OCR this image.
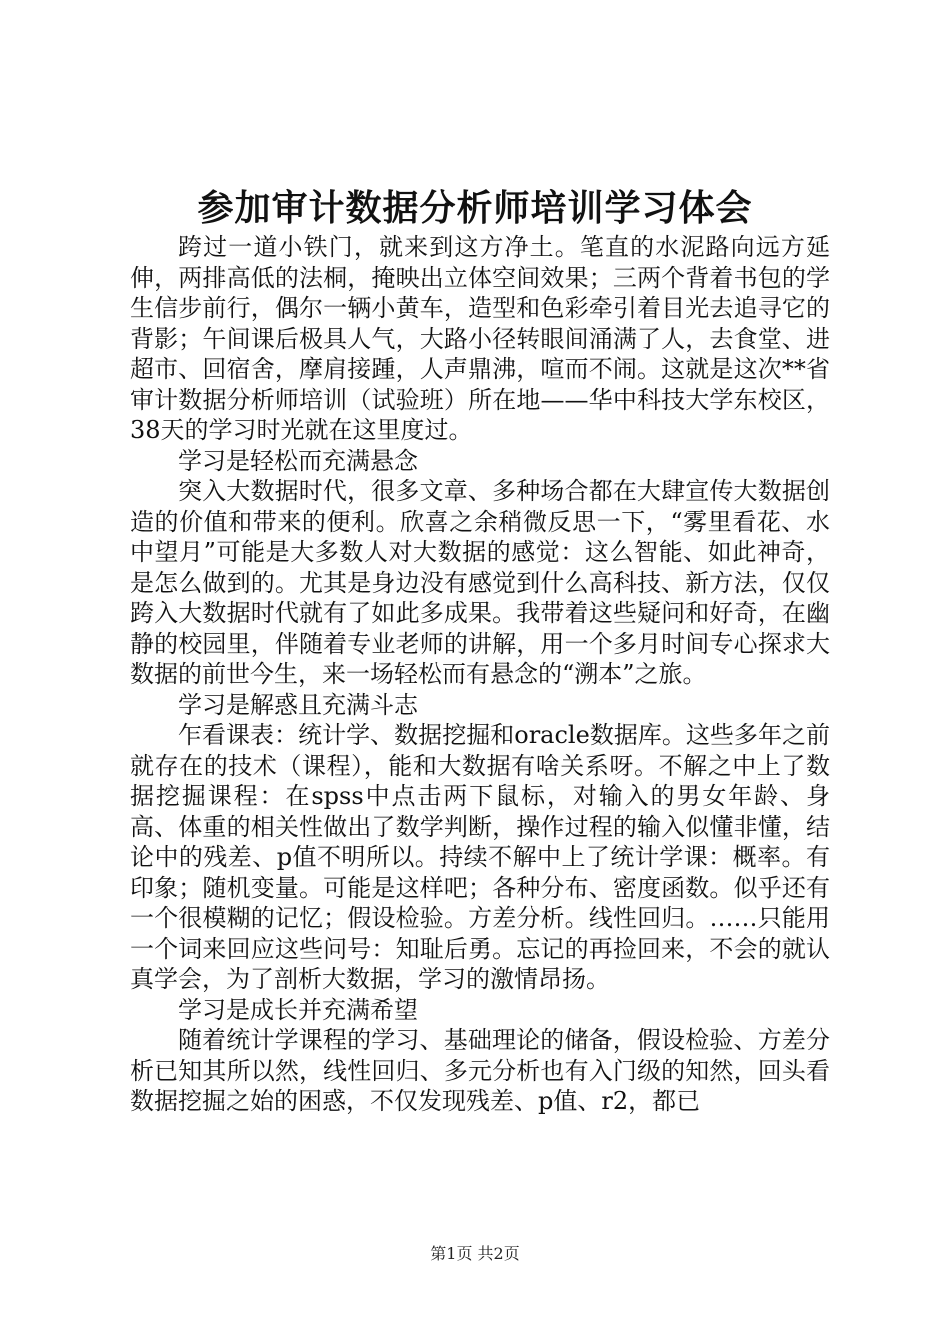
参加审计数据分析师培训学习体会

跨过一道小铁门，就来到这方净土。笔直的水泥路向远方延伸，两排高低的法桐，掩映出立体空间效果；三两个背着书包的学生信步前行，偶尔一辆小黄车，造型和色彩牵引着目光去追寻它的背影；午间课后极具人气，大路小径转眼间涌满了人，去食堂、进超市、回宿舍，摩肩接踵，人声鼎沸，喧而不闹。这就是这次**省审计数据分析师培训（试验班）所在地——华中科技大学东校区，38天的学习时光就在这里度过。

学习是轻松而充满悬念

突入大数据时代，很多文章、多种场合都在大肆宣传大数据创造的价值和带来的便利。欣喜之余稍微反思一下，“雾里看花、水中望月”可能是大多数人对大数据的感觉：这么智能、如此神奇，是怎么做到的。尤其是身边没有感觉到什么高科技、新方法，仅仅跨入大数据时代就有了如此多成果。我带着这些疑问和好奇，在幽静的校园里，伴随着专业老师的讲解，用一个多月时间专心探求大数据的前世今生，来一场轻松而有悬念的“溯本”之旅。

学习是解惑且充满斗志

乍看课表：统计学、数据挖掘和oracle数据库。这些多年之前就存在的技术（课程），能和大数据有啥关系呀。不解之中上了数据挖掘课程：在spss中点击两下鼠标，对输入的男女年龄、身高、体重的相关性做出了数学判断，操作过程的输入似懂非懂，结论中的残差、p值不明所以。持续不解中上了统计学课：概率。有印象；随机变量。可能是这样吧；各种分布、密度函数。似乎还有一个很模糊的记忆；假设检验。方差分析。线性回归。……只能用一个词来回应这些问号：知耻后勇。忘记的再捡回来，不会的就认真学会，为了剖析大数据，学习的激情昂扬。

学习是成长并充满希望

随着统计学课程的学习、基础理论的储备，假设检验、方差分析已知其所以然，线性回归、多元分析也有入门级的知然，回头看数据挖掘之始的困惑，不仅发现残差、p值、r2，都已

第1页 共2页
